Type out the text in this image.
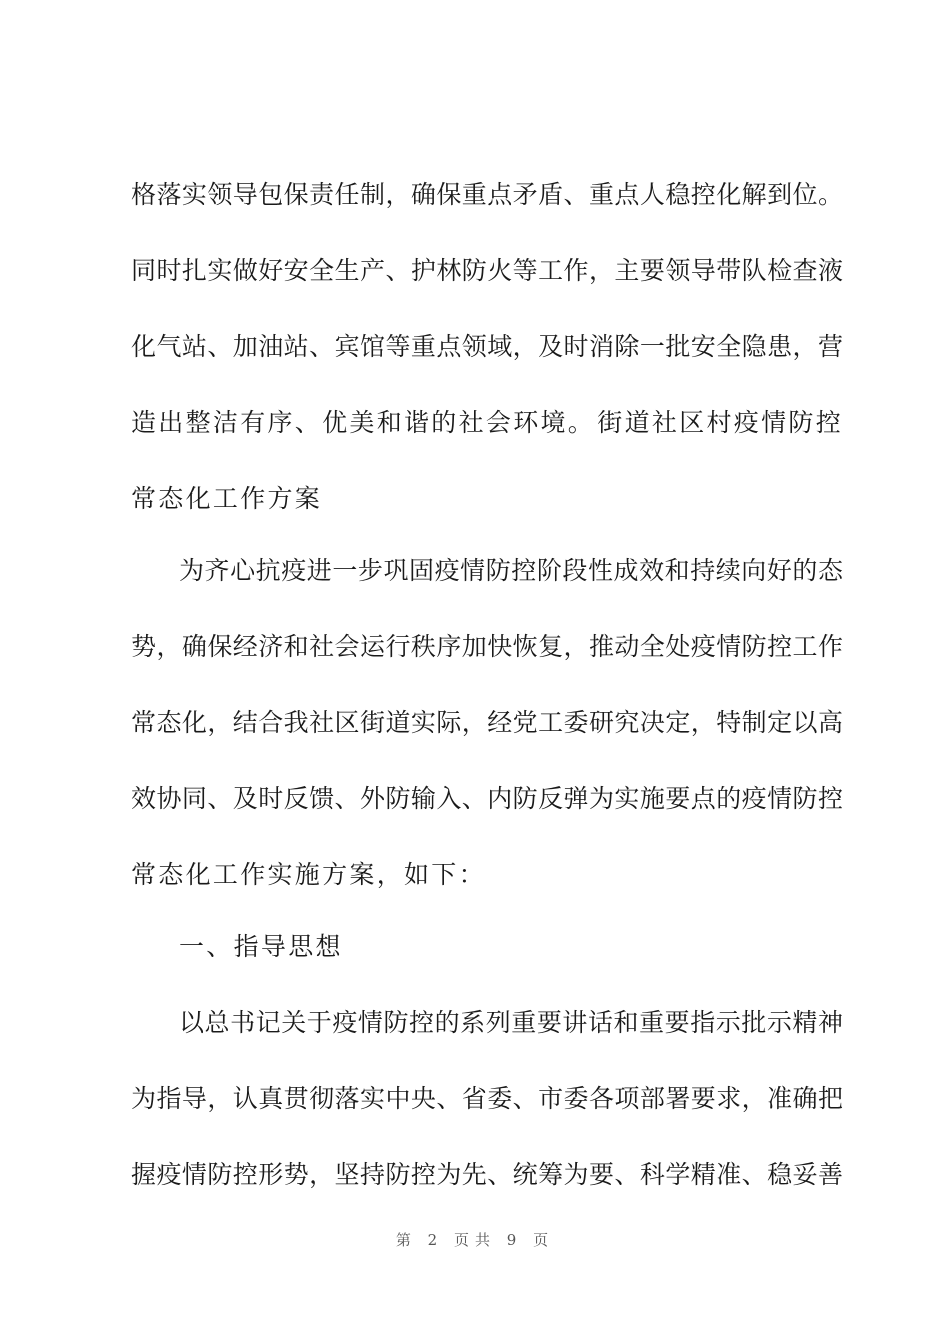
格落实领导包保责任制，确保重点矛盾、重点人稳控化解到位。
同时扎实做好安全生产、护林防火等工作，主要领导带队检查液
化气站、加油站、宾馆等重点领域，及时消除一批安全隐患，营
造出整洁有序、优美和谐的社会环境。 街道社区村疫情防控
常态化工作方案
为齐心抗疫进一步巩固疫情防控阶段性成效和持续向好的态
势，确保经济和社会运行秩序加快恢复，推动全处疫情防控工作
常态化，结合我社区街道实际，经党工委研究决定，特制定以高
效协同、及时反馈、外防输入、内防反弹为实施要点的疫情防控
常态化工作实施方案，如下：
一、指导思想
以总书记关于疫情防控的系列重要讲话和重要指示批示精神
为指导，认真贯彻落实中央、省委、市委各项部署要求，准确把
握疫情防控形势，坚持防控为先、统筹为要、科学精准、稳妥善
第 2 页共 9 页
